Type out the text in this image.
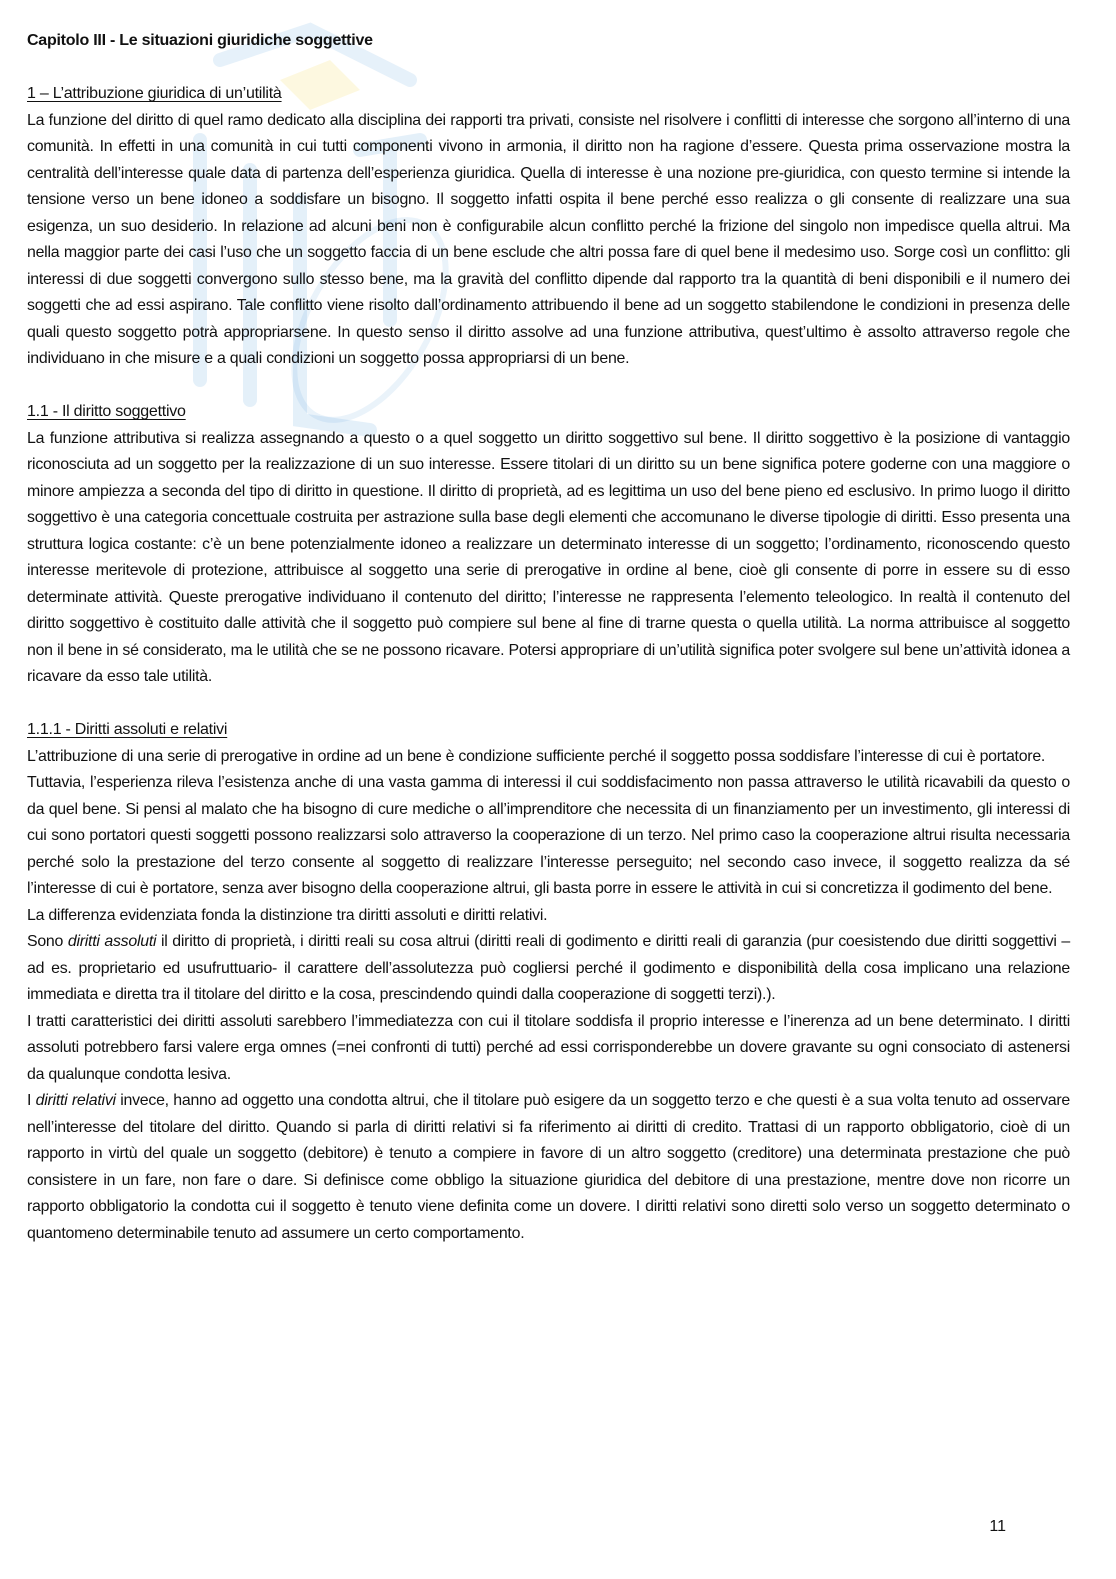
Capitolo III - Le situazioni giuridiche soggettive
1 – L’attribuzione giuridica di un’utilità

La funzione del diritto di quel ramo dedicato alla disciplina dei rapporti tra privati, consiste nel risolvere i conflitti di interesse che sorgono all’interno di una comunità. In effetti in una comunità in cui tutti componenti vivono in armonia, il diritto non ha ragione d’essere. Questa prima osservazione mostra la centralità dell’interesse quale data di partenza dell’esperienza giuridica. Quella di interesse è una nozione pre-giuridica, con questo termine si intende la tensione verso un bene idoneo a soddisfare un bisogno. Il soggetto infatti ospita il bene perché esso realizza o gli consente di realizzare una sua esigenza, un suo desiderio. In relazione ad alcuni beni non è configurabile alcun conflitto perché la frizione del singolo non impedisce quella altrui. Ma nella maggior parte dei casi l’uso che un soggetto faccia di un bene esclude che altri possa fare di quel bene il medesimo uso. Sorge così un conflitto: gli interessi di due soggetti convergono sullo stesso bene, ma la gravità del conflitto dipende dal rapporto tra la quantità di beni disponibili e il numero dei soggetti che ad essi aspirano. Tale conflitto viene risolto dall’ordinamento attribuendo il bene ad un soggetto stabilendone le condizioni in presenza delle quali questo soggetto potrà appropriarsene. In questo senso il diritto assolve ad una funzione attributiva, quest’ultimo è assolto attraverso regole che individuano in che misure e a quali condizioni un soggetto possa appropriarsi di un bene.

1.1 - Il diritto soggettivo

La funzione attributiva si realizza assegnando a questo o a quel soggetto un diritto soggettivo sul bene. Il diritto soggettivo è la posizione di vantaggio riconosciuta ad un soggetto per la realizzazione di un suo interesse. Essere titolari di un diritto su un bene significa potere goderne con una maggiore o minore ampiezza a seconda del tipo di diritto in questione. Il diritto di proprietà, ad es legittima un uso del bene pieno ed esclusivo. In primo luogo il diritto soggettivo è una categoria concettuale costruita per astrazione sulla base degli elementi che accomunano le diverse tipologie di diritti. Esso presenta una struttura logica costante: c’è un bene potenzialmente idoneo a realizzare un determinato interesse di un soggetto; l’ordinamento, riconoscendo questo interesse meritevole di protezione, attribuisce al soggetto una serie di prerogative in ordine al bene, cioè gli consente di porre in essere su di esso determinate attività. Queste prerogative individuano il contenuto del diritto; l’interesse ne rappresenta l’elemento teleologico. In realtà il contenuto del diritto soggettivo è costituito dalle attività che il soggetto può compiere sul bene al fine di trarne questa o quella utilità. La norma attribuisce al soggetto non il bene in sé considerato, ma le utilità che se ne possono ricavare. Potersi appropriare di un’utilità significa poter svolgere sul bene un’attività idonea a ricavare da esso tale utilità.

1.1.1 - Diritti assoluti e relativi

L’attribuzione di una serie di prerogative in ordine ad un bene è condizione sufficiente perché il soggetto possa soddisfare l’interesse di cui è portatore.

Tuttavia, l’esperienza rileva l’esistenza anche di una vasta gamma di interessi il cui soddisfacimento non passa attraverso le utilità ricavabili da questo o da quel bene. Si pensi al malato che ha bisogno di cure mediche o all’imprenditore che necessita di un finanziamento per un investimento, gli interessi di cui sono portatori questi soggetti possono realizzarsi solo attraverso la cooperazione di un terzo. Nel primo caso la cooperazione altrui risulta necessaria perché solo la prestazione del terzo consente al soggetto di realizzare l’interesse perseguito; nel secondo caso invece, il soggetto realizza da sé l’interesse di cui è portatore, senza aver bisogno della cooperazione altrui, gli basta porre in essere le attività in cui si concretizza il godimento del bene.

La differenza evidenziata fonda la distinzione tra diritti assoluti e diritti relativi.

Sono diritti assoluti il diritto di proprietà, i diritti reali su cosa altrui (diritti reali di godimento e diritti reali di garanzia (pur coesistendo due diritti soggettivi – ad es. proprietario ed usufruttuario- il carattere dell’assolutezza può cogliersi perché il godimento e disponibilità della cosa implicano una relazione immediata e diretta tra il titolare del diritto e la cosa, prescindendo quindi dalla cooperazione di soggetti terzi).).

I tratti caratteristici dei diritti assoluti sarebbero l’immediatezza con cui il titolare soddisfa il proprio interesse e l’inerenza ad un bene determinato. I diritti assoluti potrebbero farsi valere erga omnes (=nei confronti di tutti) perché ad essi corrisponderebbe un dovere gravante su ogni consociato di astenersi da qualunque condotta lesiva.

I diritti relativi invece, hanno ad oggetto una condotta altrui, che il titolare può esigere da un soggetto terzo e che questi è a sua volta tenuto ad osservare nell’interesse del titolare del diritto. Quando si parla di diritti relativi si fa riferimento ai diritti di credito. Trattasi di un rapporto obbligatorio, cioè di un rapporto in virtù del quale un soggetto (debitore) è tenuto a compiere in favore di un altro soggetto (creditore) una determinata prestazione che può consistere in un fare, non fare o dare. Si definisce come obbligo la situazione giuridica del debitore di una prestazione, mentre dove non ricorre un rapporto obbligatorio la condotta cui il soggetto è tenuto viene definita come un dovere. I diritti relativi sono diretti solo verso un soggetto determinato o quantomeno determinabile tenuto ad assumere un certo comportamento.

11
